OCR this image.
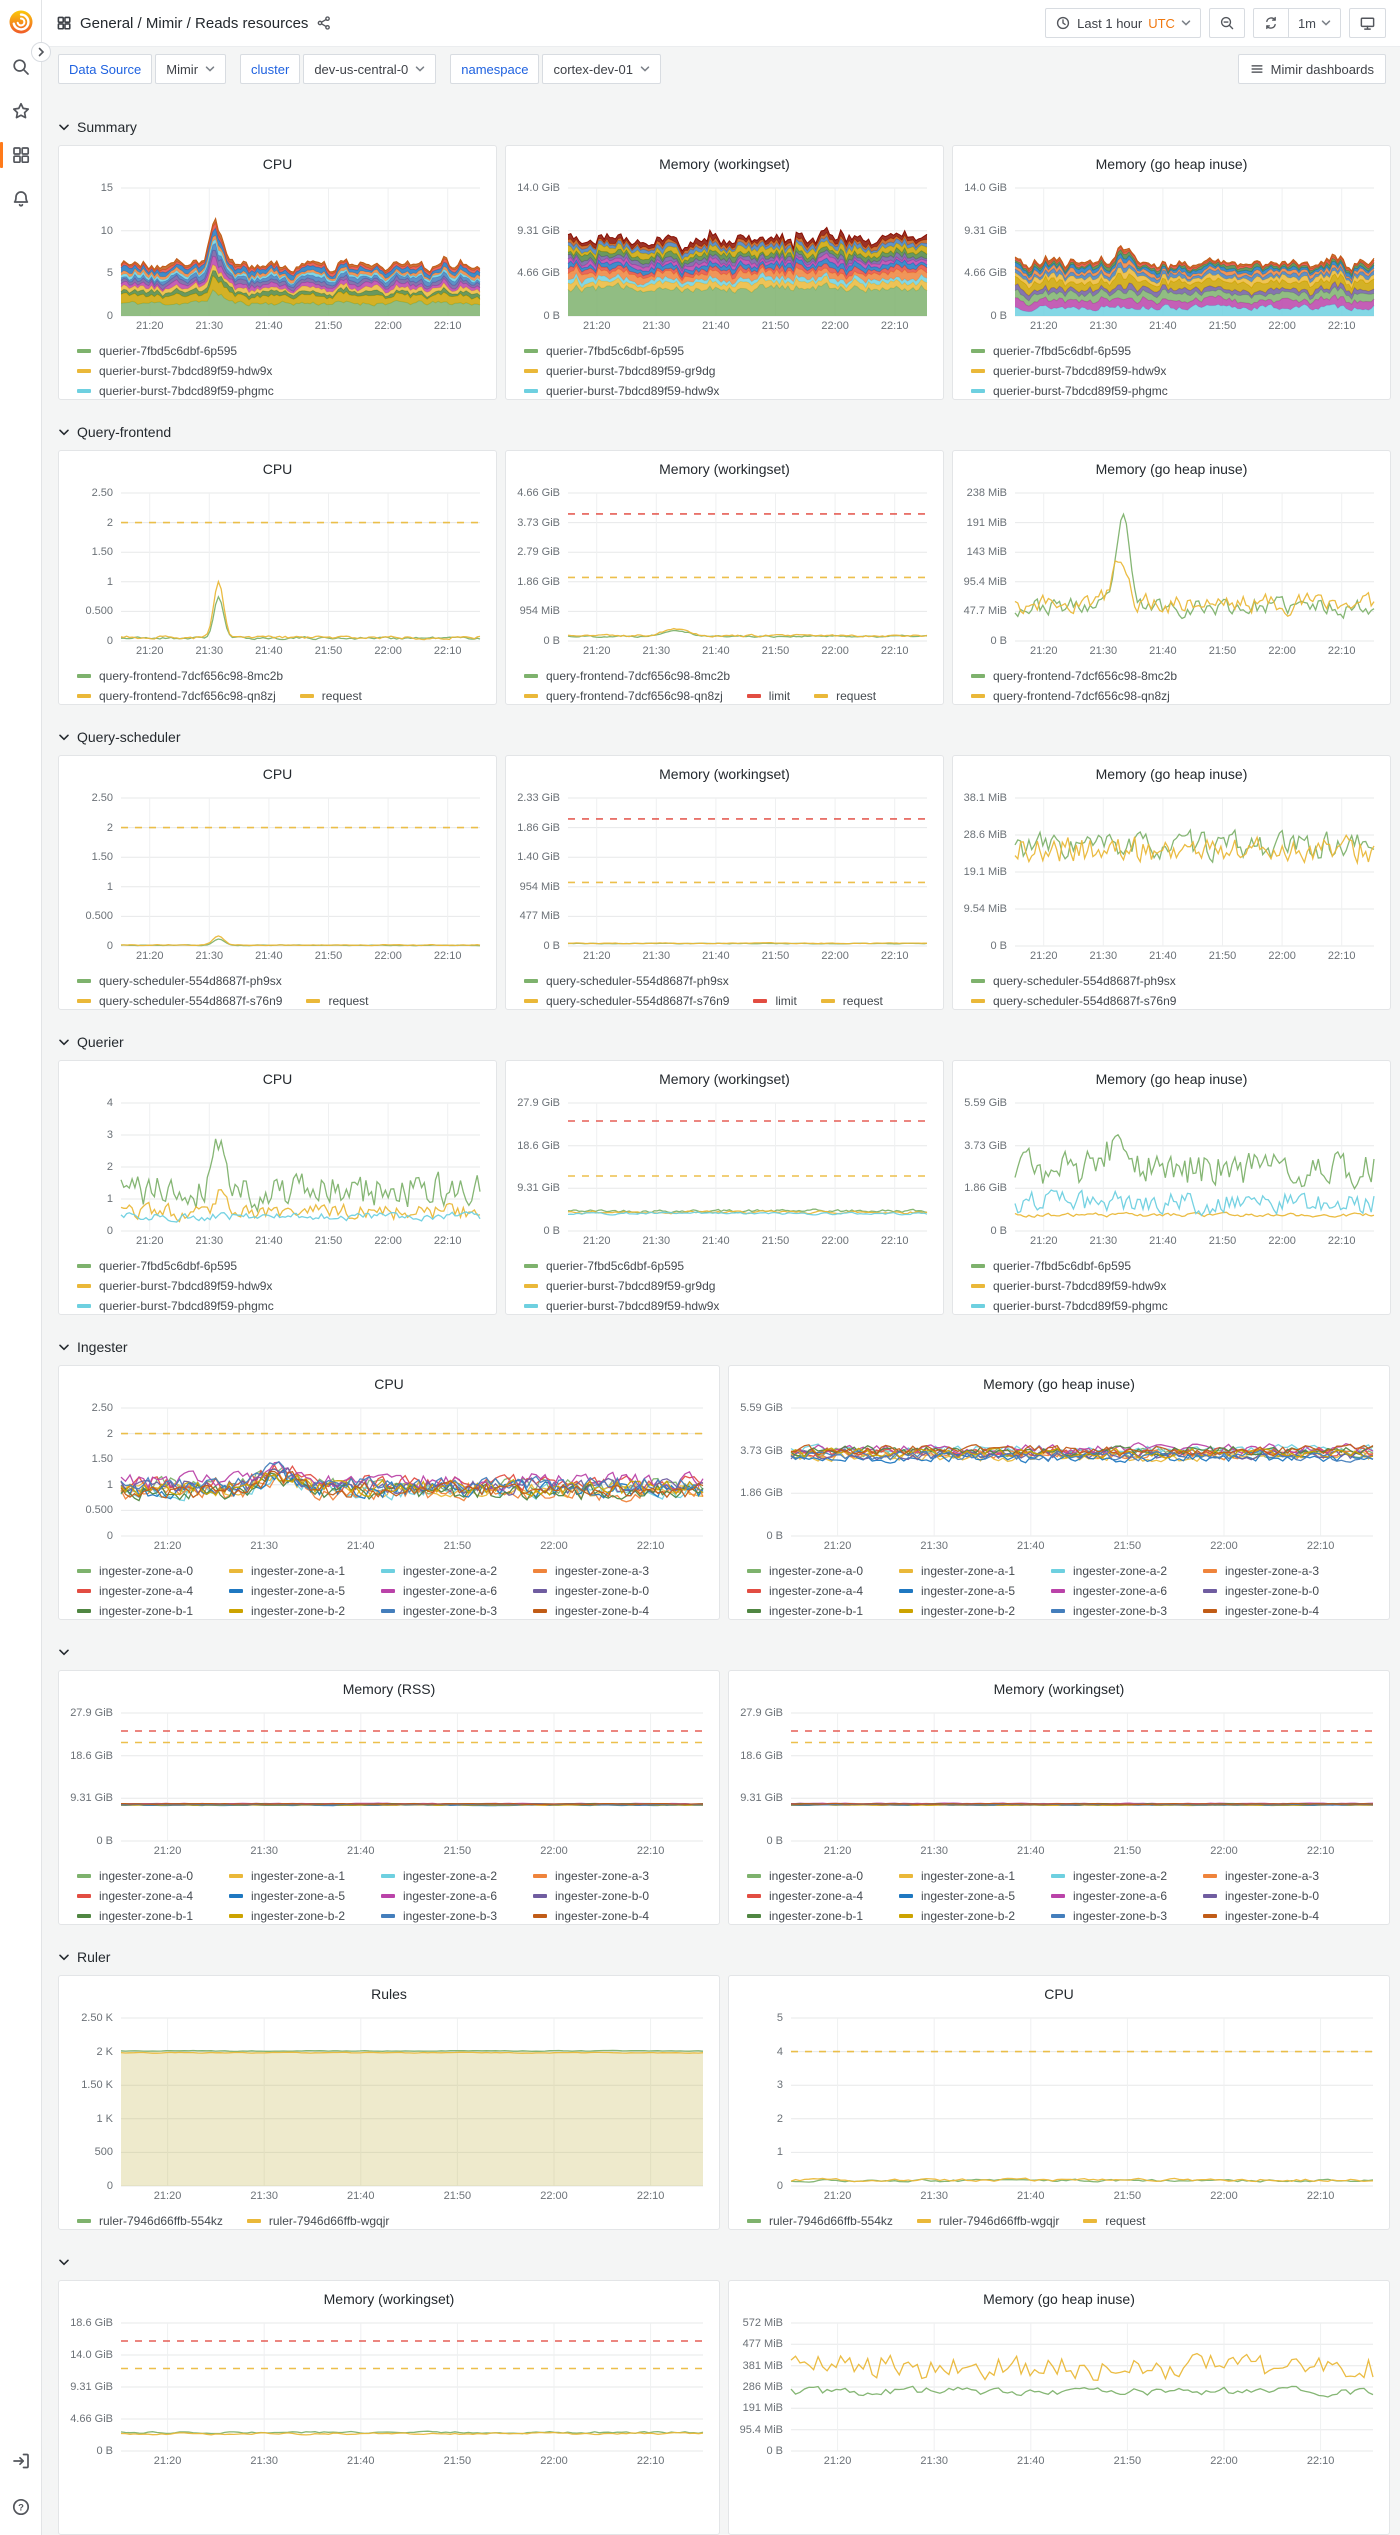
?
General / Mimir / Reads resources	Last 1 hour UTC	1m
Data Source	Mimir	cluster	dev-us-central-0	namespace	cortex-dev-01	Mimir dashboards
Summary
CPU
15
10
5
0
21:20	21:30	21:40	21:50	22:00	22:10
querier-7fbd5c6dbf-6p595
querier-burst-7bdcd89f59-hdw9x
querier-burst-7bdcd89f59-phgmc
Memory (workingset)
14.0 GiB
9.31 GiB
4.66 GiB
0 B
21:20	21:30	21:40	21:50	22:00	22:10
querier-7fbd5c6dbf-6p595
querier-burst-7bdcd89f59-gr9dg
querier-burst-7bdcd89f59-hdw9x
Memory (go heap inuse)
14.0 GiB
9.31 GiB
4.66 GiB
0 B
21:20	21:30	21:40	21:50	22:00	22:10
querier-7fbd5c6dbf-6p595
querier-burst-7bdcd89f59-hdw9x
querier-burst-7bdcd89f59-phgmc
Query-frontend
CPU
2.50
2
1.50
1
0.500
0
21:20	21:30	21:40	21:50	22:00	22:10
query-frontend-7dcf656c98-8mc2b
query-frontend-7dcf656c98-qn8zj	request
Memory (workingset)
4.66 GiB
3.73 GiB
2.79 GiB
1.86 GiB
954 MiB
0 B
21:20	21:30	21:40	21:50	22:00	22:10
query-frontend-7dcf656c98-8mc2b
query-frontend-7dcf656c98-qn8zj	limit	request
Memory (go heap inuse)
238 MiB
191 MiB
143 MiB
95.4 MiB
47.7 MiB
0 B
21:20	21:30	21:40	21:50	22:00	22:10
query-frontend-7dcf656c98-8mc2b
query-frontend-7dcf656c98-qn8zj
Query-scheduler
CPU
2.50
2
1.50
1
0.500
0
21:20	21:30	21:40	21:50	22:00	22:10
query-scheduler-554d8687f-ph9sx
query-scheduler-554d8687f-s76n9	request
Memory (workingset)
2.33 GiB
1.86 GiB
1.40 GiB
954 MiB
477 MiB
0 B
21:20	21:30	21:40	21:50	22:00	22:10
query-scheduler-554d8687f-ph9sx
query-scheduler-554d8687f-s76n9	limit	request
Memory (go heap inuse)
38.1 MiB
28.6 MiB
19.1 MiB
9.54 MiB
0 B
21:20	21:30	21:40	21:50	22:00	22:10
query-scheduler-554d8687f-ph9sx
query-scheduler-554d8687f-s76n9
Querier
CPU
4
3
2
1
0
21:20	21:30	21:40	21:50	22:00	22:10
querier-7fbd5c6dbf-6p595
querier-burst-7bdcd89f59-hdw9x
querier-burst-7bdcd89f59-phgmc
Memory (workingset)
27.9 GiB
18.6 GiB
9.31 GiB
0 B
21:20	21:30	21:40	21:50	22:00	22:10
querier-7fbd5c6dbf-6p595
querier-burst-7bdcd89f59-gr9dg
querier-burst-7bdcd89f59-hdw9x
Memory (go heap inuse)
5.59 GiB
3.73 GiB
1.86 GiB
0 B
21:20	21:30	21:40	21:50	22:00	22:10
querier-7fbd5c6dbf-6p595
querier-burst-7bdcd89f59-hdw9x
querier-burst-7bdcd89f59-phgmc
Ingester
CPU
2.50
2
1.50
1
0.500
0
21:20	21:30	21:40	21:50	22:00	22:10
ingester-zone-a-0	ingester-zone-a-1	ingester-zone-a-2	ingester-zone-a-3
ingester-zone-a-4	ingester-zone-a-5	ingester-zone-a-6	ingester-zone-b-0
ingester-zone-b-1	ingester-zone-b-2	ingester-zone-b-3	ingester-zone-b-4
Memory (go heap inuse)
5.59 GiB
3.73 GiB
1.86 GiB
0 B
21:20	21:30	21:40	21:50	22:00	22:10
ingester-zone-a-0	ingester-zone-a-1	ingester-zone-a-2	ingester-zone-a-3
ingester-zone-a-4	ingester-zone-a-5	ingester-zone-a-6	ingester-zone-b-0
ingester-zone-b-1	ingester-zone-b-2	ingester-zone-b-3	ingester-zone-b-4
Memory (RSS)
27.9 GiB
18.6 GiB
9.31 GiB
0 B
21:20	21:30	21:40	21:50	22:00	22:10
ingester-zone-a-0	ingester-zone-a-1	ingester-zone-a-2	ingester-zone-a-3
ingester-zone-a-4	ingester-zone-a-5	ingester-zone-a-6	ingester-zone-b-0
ingester-zone-b-1	ingester-zone-b-2	ingester-zone-b-3	ingester-zone-b-4
Memory (workingset)
27.9 GiB
18.6 GiB
9.31 GiB
0 B
21:20	21:30	21:40	21:50	22:00	22:10
ingester-zone-a-0	ingester-zone-a-1	ingester-zone-a-2	ingester-zone-a-3
ingester-zone-a-4	ingester-zone-a-5	ingester-zone-a-6	ingester-zone-b-0
ingester-zone-b-1	ingester-zone-b-2	ingester-zone-b-3	ingester-zone-b-4
Ruler
Rules
2.50 K
2 K
1.50 K
1 K
500
0
21:20	21:30	21:40	21:50	22:00	22:10
ruler-7946d66ffb-554kz	ruler-7946d66ffb-wgqjr
CPU
5
4
3
2
1
0
21:20	21:30	21:40	21:50	22:00	22:10
ruler-7946d66ffb-554kz	ruler-7946d66ffb-wgqjr	request
Memory (workingset)
18.6 GiB
14.0 GiB
9.31 GiB
4.66 GiB
0 B
21:20	21:30	21:40	21:50	22:00	22:10
Memory (go heap inuse)
572 MiB
477 MiB
381 MiB
286 MiB
191 MiB
95.4 MiB
0 B
21:20	21:30	21:40	21:50	22:00	22:10
